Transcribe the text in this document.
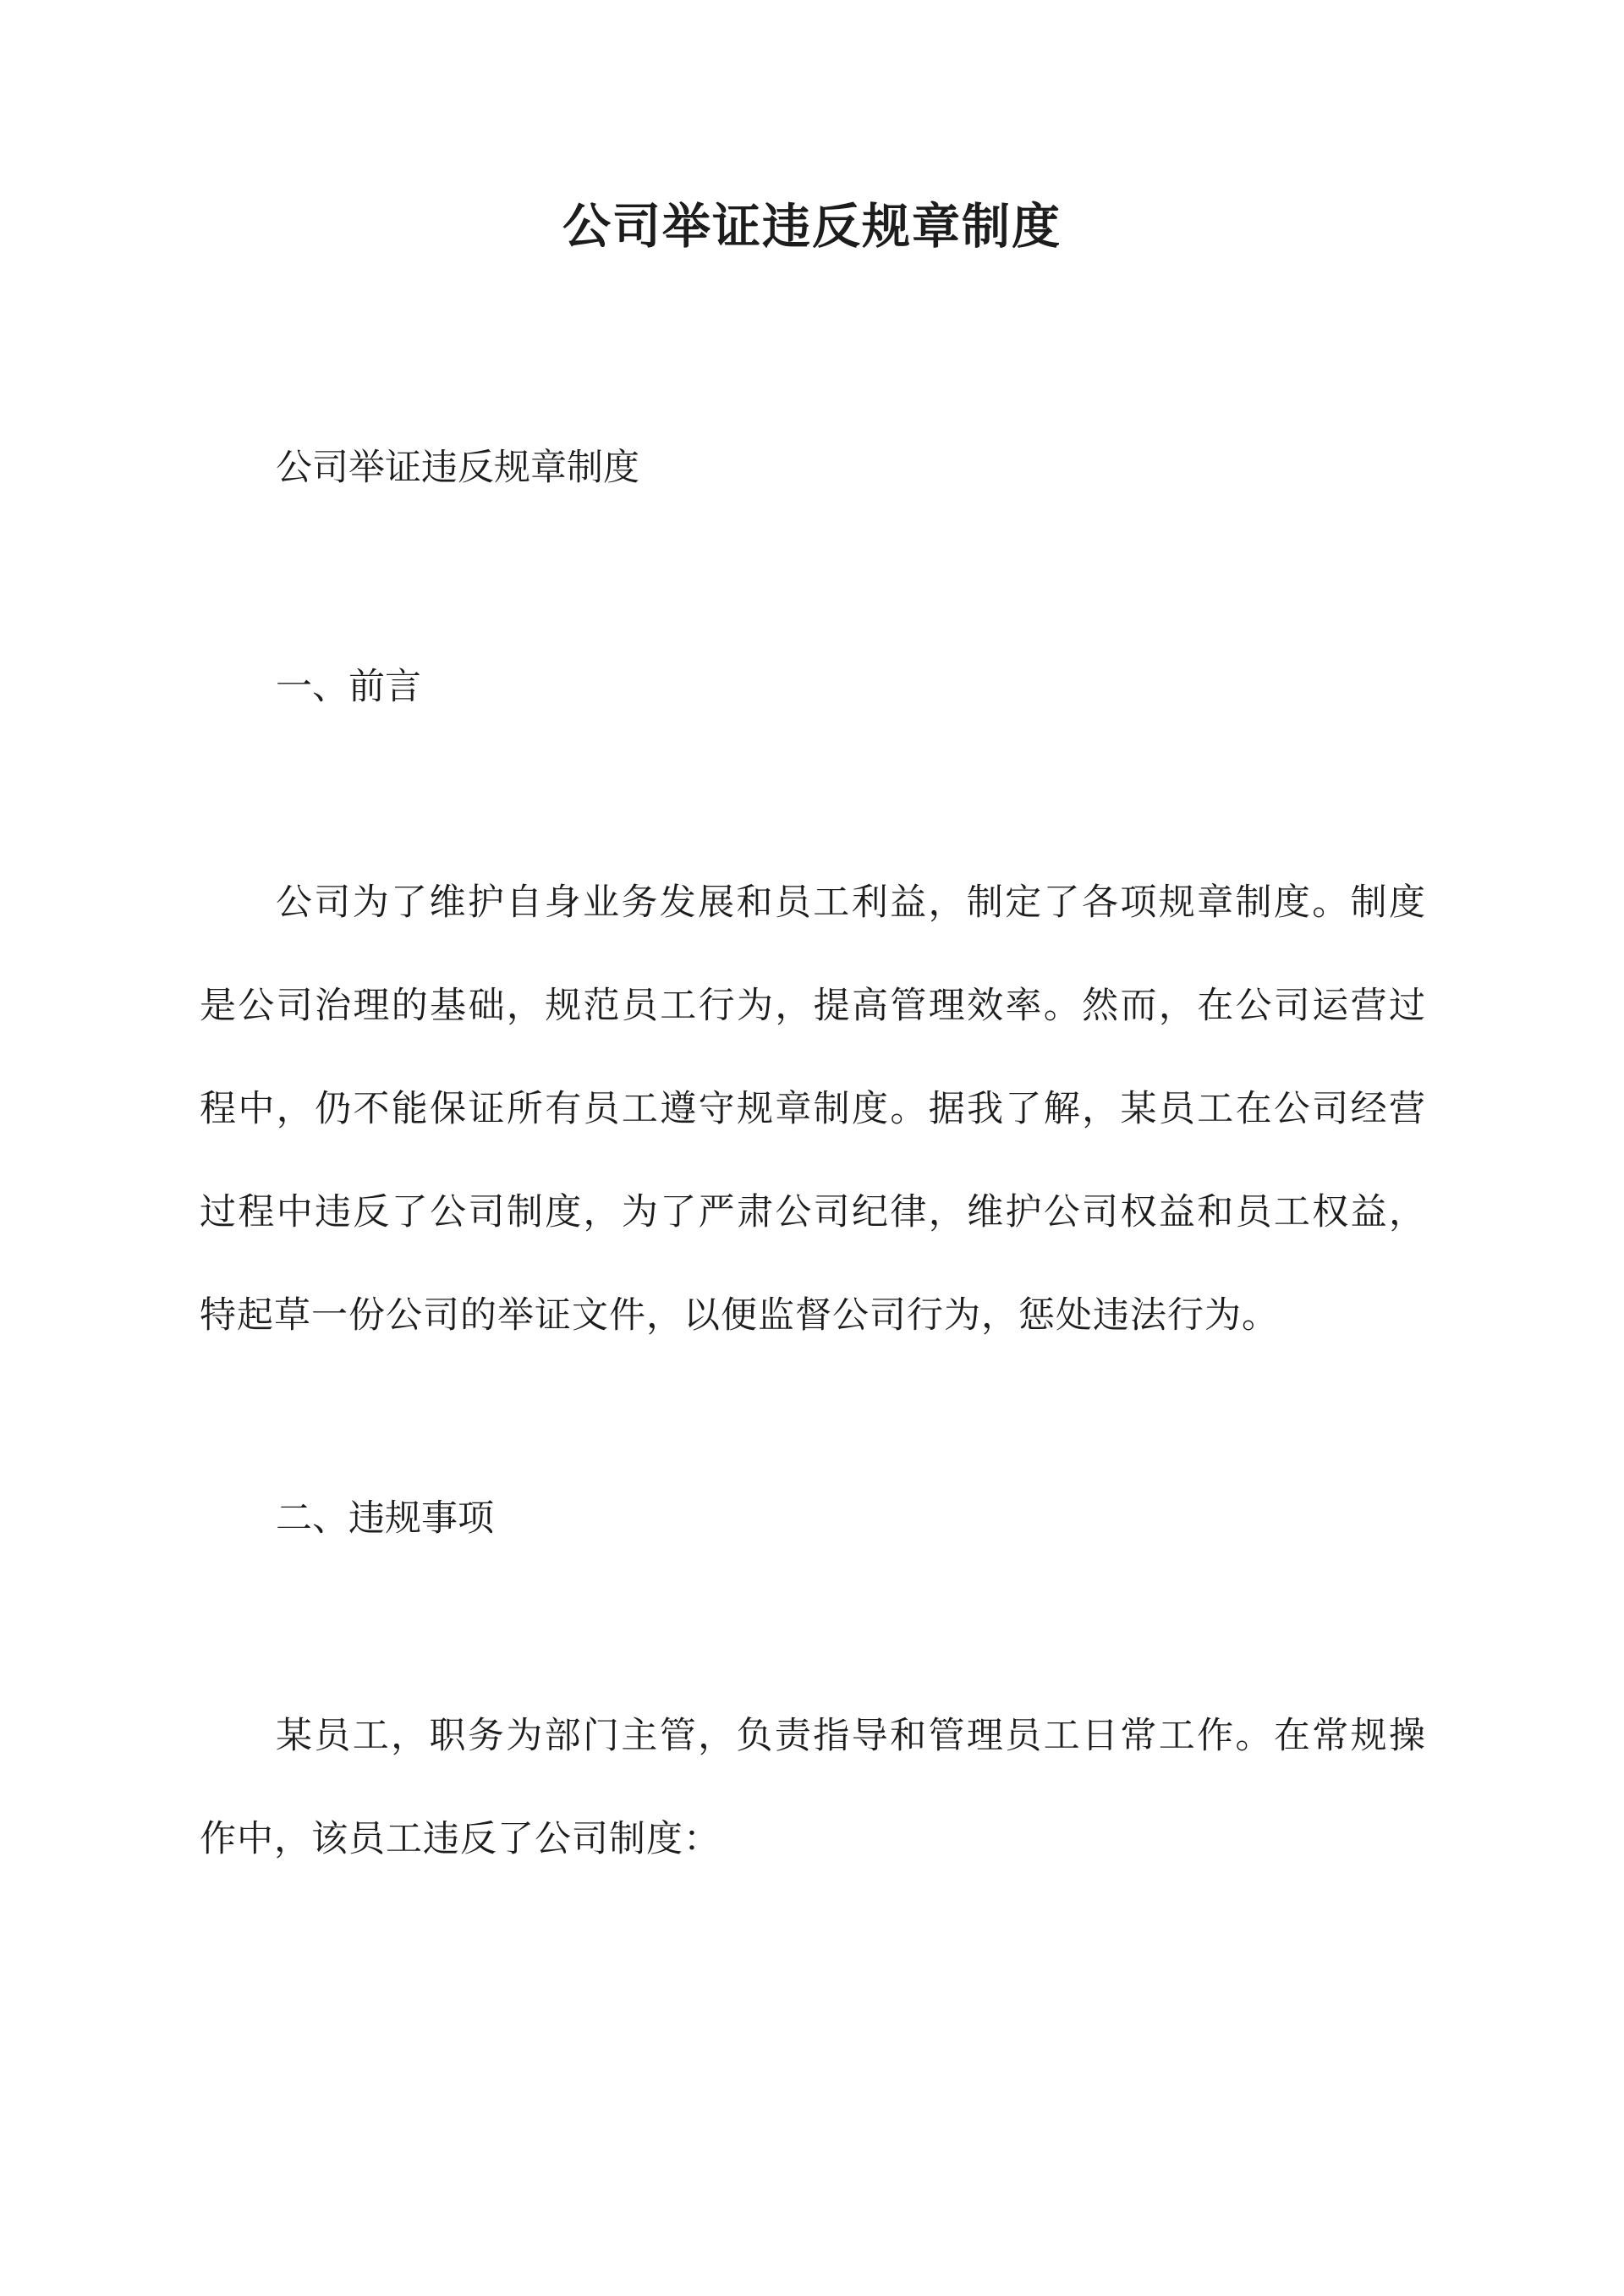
公司举证违反规章制度

公司举证违反规章制度

一、前言

公司为了维护自身业务发展和员工利益，制定了各项规章制度。制度是公司治理的基础，规范员工行为，提高管理效率。然而，在公司运营过程中，仍不能保证所有员工遵守规章制度。据我了解，某员工在公司经营过程中违反了公司制度，为了严肃公司纪律，维护公司权益和员工权益，特起草一份公司的举证文件，以便监督公司行为，惩处违法行为。

二、违规事项

某员工，职务为部门主管，负责指导和管理员工日常工作。在常规操作中，该员工违反了公司制度：
